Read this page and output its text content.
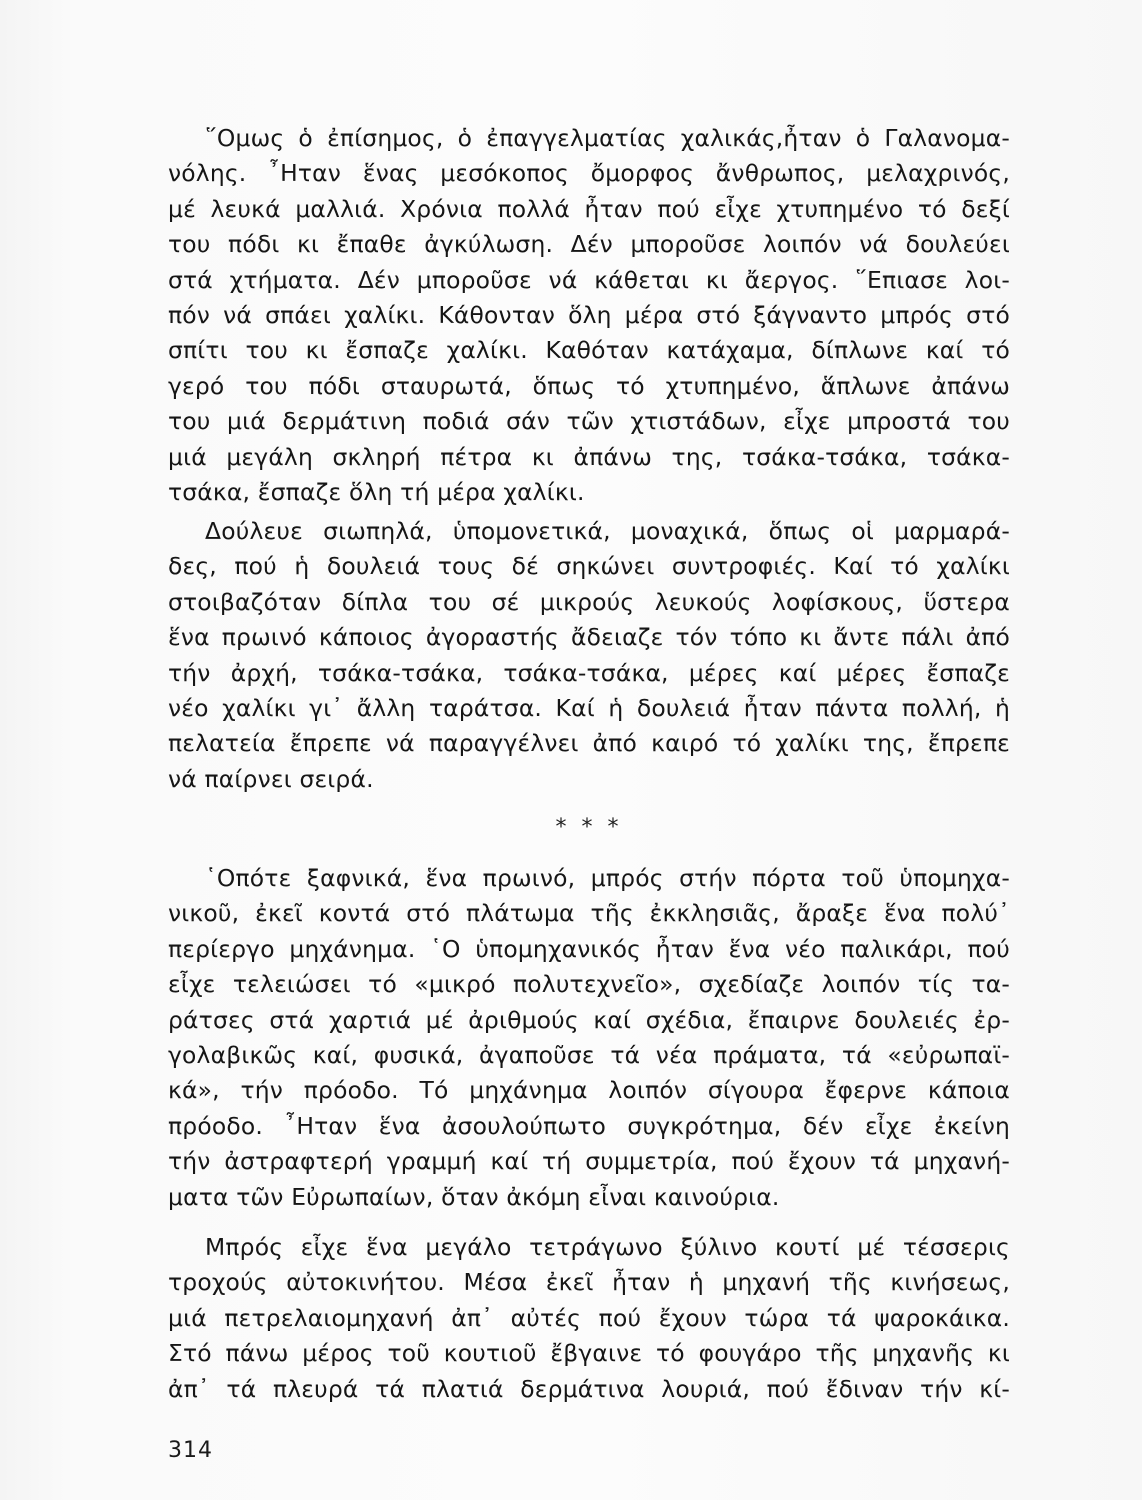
῞Ομως ὁ ἐπίσημος, ὁ ἐπαγγελματίας χαλικάς,ἦταν ὁ Γαλανομα-
νόλης. ῏Ηταν ἕνας μεσόκοπος ὄμορφος ἄνθρωπος, μελαχρινός,
μέ λευκά μαλλιά. Χρόνια πολλά ἦταν πού εἶχε χτυπημένο τό δεξί
του πόδι κι ἔπαθε ἀγκύλωση. Δέν μποροῦσε λοιπόν νά δουλεύει
στά χτήματα. Δέν μποροῦσε νά κάθεται κι ἄεργος. ῞Επιασε λοι-
πόν νά σπάει χαλίκι. Κάθονταν ὅλη μέρα στό ξάγναντο μπρός στό
σπίτι του κι ἔσπαζε χαλίκι. Καθόταν κατάχαμα, δίπλωνε καί τό
γερό του πόδι σταυρωτά, ὅπως τό χτυπημένο, ἅπλωνε ἀπάνω
του μιά δερμάτινη ποδιά σάν τῶν χτιστάδων, εἶχε μπροστά του
μιά μεγάλη σκληρή πέτρα κι ἀπάνω της, τσάκα-τσάκα, τσάκα-
τσάκα, ἔσπαζε ὅλη τή μέρα χαλίκι.
Δούλευε σιωπηλά, ὑπομονετικά, μοναχικά, ὅπως οἱ μαρμαρά-
δες, πού ἡ δουλειά τους δέ σηκώνει συντροφιές. Καί τό χαλίκι
στοιβαζόταν δίπλα του σέ μικρούς λευκούς λοφίσκους, ὕστερα
ἕνα πρωινό κάποιος ἀγοραστής ἄδειαζε τόν τόπο κι ἄντε πάλι ἀπό
τήν ἀρχή, τσάκα-τσάκα, τσάκα-τσάκα, μέρες καί μέρες ἔσπαζε
νέο χαλίκι γι᾽ ἄλλη ταράτσα. Καί ἡ δουλειά ἦταν πάντα πολλή, ἡ
πελατεία ἔπρεπε νά παραγγέλνει ἀπό καιρό τό χαλίκι της, ἔπρεπε
νά παίρνει σειρά.
* * *
῾Οπότε ξαφνικά, ἕνα πρωινό, μπρός στήν πόρτα τοῦ ὑπομηχα-
νικοῦ, ἐκεῖ κοντά στό πλάτωμα τῆς ἐκκλησιᾶς, ἄραξε ἕνα πολύ᾽
περίεργο μηχάνημα. ῾Ο ὑπομηχανικός ἦταν ἕνα νέο παλικάρι, πού
εἶχε τελειώσει τό «μικρό πολυτεχνεῖο», σχεδίαζε λοιπόν τίς τα-
ράτσες στά χαρτιά μέ ἀριθμούς καί σχέδια, ἔπαιρνε δουλειές ἐρ-
γολαβικῶς καί, φυσικά, ἀγαποῦσε τά νέα πράματα, τά «εὐρωπαϊ-
κά», τήν πρόοδο. Τό μηχάνημα λοιπόν σίγουρα ἔφερνε κάποια
πρόοδο. ῏Ηταν ἕνα ἀσουλούπωτο συγκρότημα, δέν εἶχε ἐκείνη
τήν ἀστραφτερή γραμμή καί τή συμμετρία, πού ἔχουν τά μηχανή-
ματα τῶν Εὐρωπαίων, ὅταν ἀκόμη εἶναι καινούρια.
Μπρός εἶχε ἕνα μεγάλο τετράγωνο ξύλινο κουτί μέ τέσσερις
τροχούς αὐτοκινήτου. Μέσα ἐκεῖ ἦταν ἡ μηχανή τῆς κινήσεως,
μιά πετρελαιομηχανή ἀπ᾽ αὐτές πού ἔχουν τώρα τά ψαροκάικα.
Στό πάνω μέρος τοῦ κουτιοῦ ἔβγαινε τό φουγάρο τῆς μηχανῆς κι
ἀπ᾽ τά πλευρά τά πλατιά δερμάτινα λουριά, πού ἔδιναν τήν κί-
314
